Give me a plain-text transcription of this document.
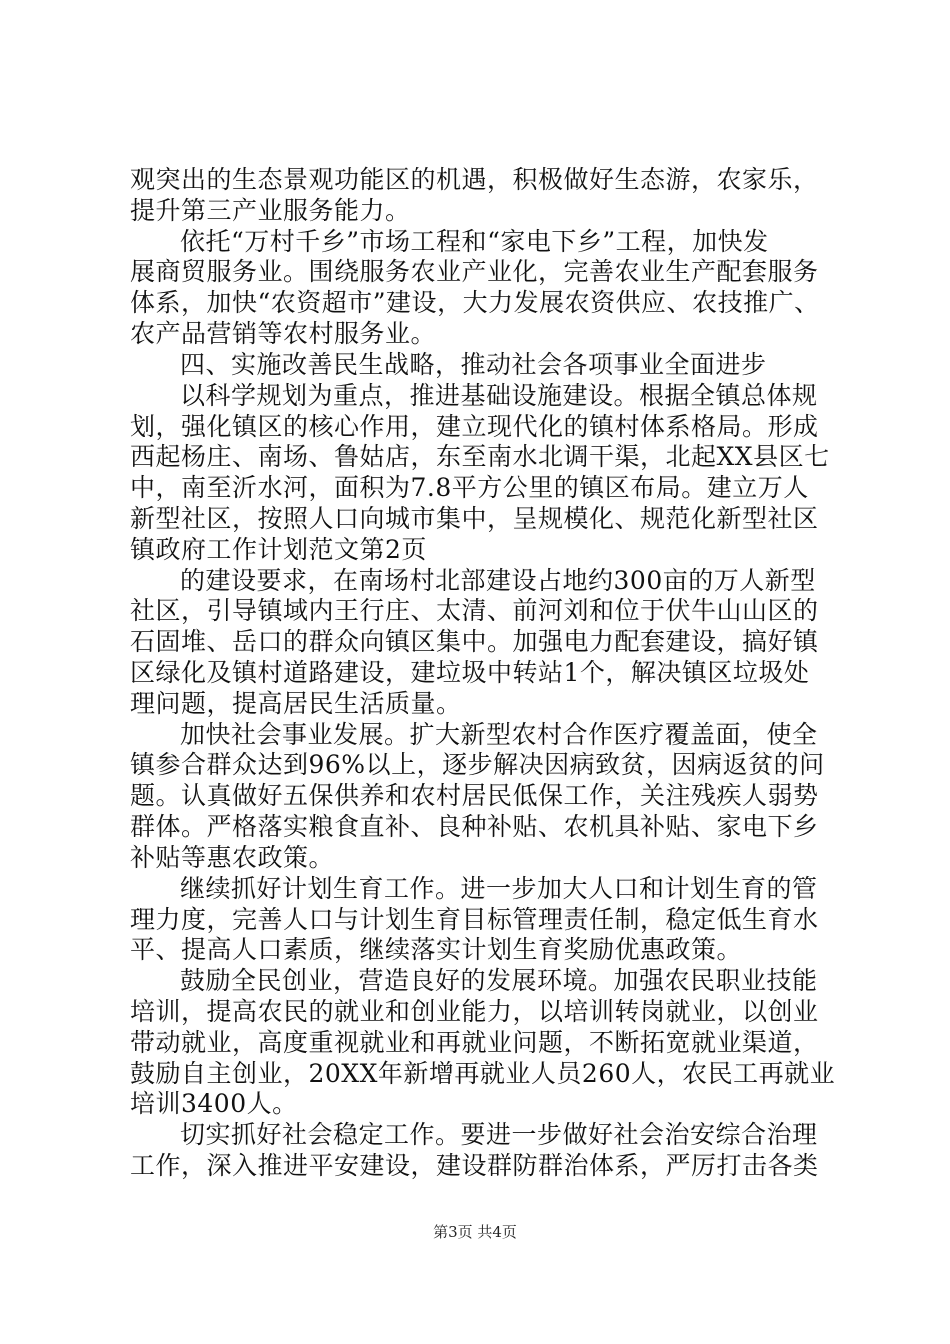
观突出的生态景观功能区的机遇，积极做好生态游，农家乐，
提升第三产业服务能力。
依托“万村千乡”市场工程和“家电下乡”工程，加快发
展商贸服务业。围绕服务农业产业化，完善农业生产配套服务
体系，加快“农资超市”建设，大力发展农资供应、农技推广、
农产品营销等农村服务业。
四、实施改善民生战略，推动社会各项事业全面进步
以科学规划为重点，推进基础设施建设。根据全镇总体规
划，强化镇区的核心作用，建立现代化的镇村体系格局。形成
西起杨庄、南场、鲁姑店，东至南水北调干渠，北起XX县区七
中，南至沂水河，面积为7.8平方公里的镇区布局。建立万人
新型社区，按照人口向城市集中，呈规模化、规范化新型社区
镇政府工作计划范文第2页
的建设要求，在南场村北部建设占地约300亩的万人新型
社区，引导镇域内王行庄、太清、前河刘和位于伏牛山山区的
石固堆、岳口的群众向镇区集中。加强电力配套建设，搞好镇
区绿化及镇村道路建设，建垃圾中转站1个，解决镇区垃圾处
理问题，提高居民生活质量。
加快社会事业发展。扩大新型农村合作医疗覆盖面，使全
镇参合群众达到96%以上，逐步解决因病致贫，因病返贫的问
题。认真做好五保供养和农村居民低保工作，关注残疾人弱势
群体。严格落实粮食直补、良种补贴、农机具补贴、家电下乡
补贴等惠农政策。
继续抓好计划生育工作。进一步加大人口和计划生育的管
理力度，完善人口与计划生育目标管理责任制，稳定低生育水
平、提高人口素质，继续落实计划生育奖励优惠政策。
鼓励全民创业，营造良好的发展环境。加强农民职业技能
培训，提高农民的就业和创业能力，以培训转岗就业，以创业
带动就业，高度重视就业和再就业问题，不断拓宽就业渠道，
鼓励自主创业，20XX年新增再就业人员260人，农民工再就业
培训3400人。
切实抓好社会稳定工作。要进一步做好社会治安综合治理
工作，深入推进平安建设，建设群防群治体系，严厉打击各类
第3页 共4页
